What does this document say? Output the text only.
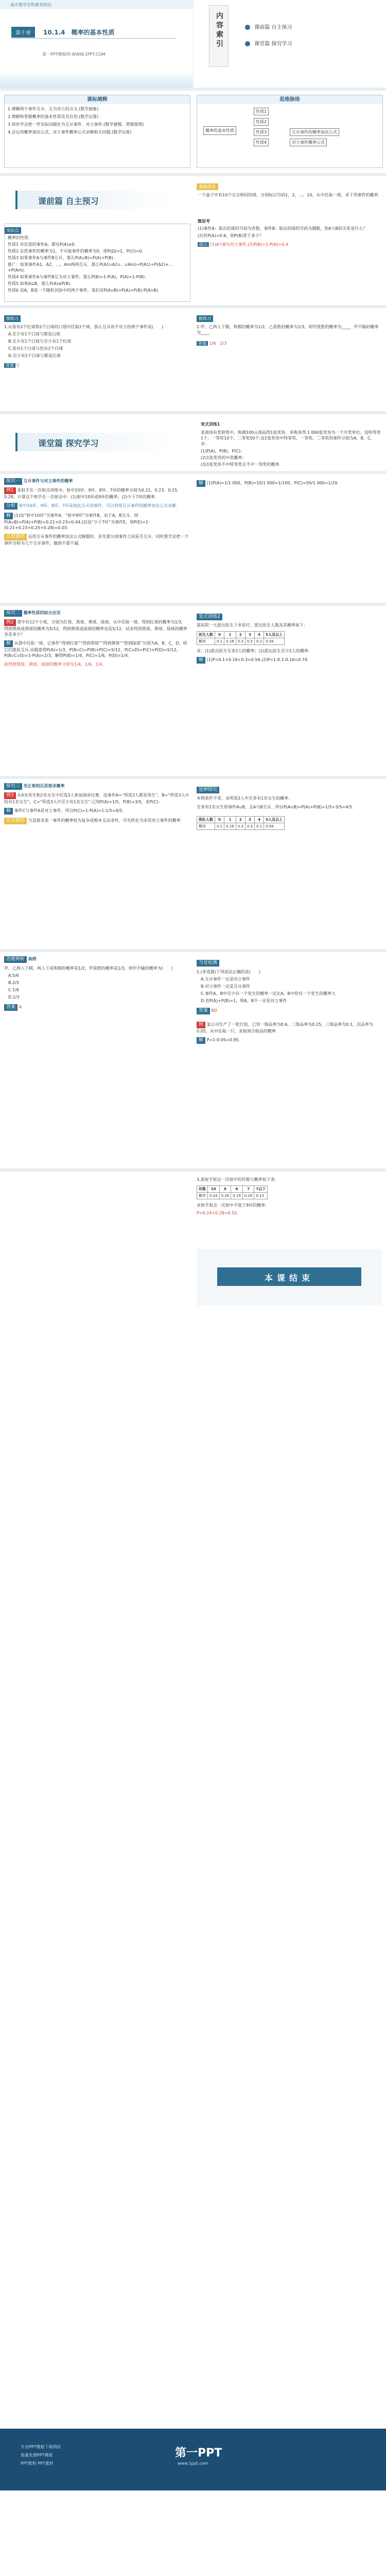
高中数学学科素养知识
第十章	10.1.4　概率的基本性质
第一PPT模板网-WWW.1PPT.COM
内容索引	课前篇 自主预习
课堂篇 探究学习
课标阐释
1.理解两个事件互斥、互为对立的含义.(数学抽象)
2.理解和掌握概率的基本性质及其应用.(数学运算)
3.初步学会把一些实际问题化为互斥事件、对立事件.(数学建模、逻辑推理)
4.会运用概率加法公式、对立事件概率公式求解相关问题.(数学运算)
思维脉络
概率的基本性质
性质1
性质2
性质3
性质4
互斥事件的概率加法公式
对立事件概率公式
课前篇 自主预习
知识点
概率的性质.
性质1 对任意的事件A，都有P(A)≥0.
性质2 必然事件的概率为1，不可能事件的概率为0，即P(Ω)=1，P(∅)=0.
性质3 如果事件A与事件B互斥，那么P(A∪B)=P(A)+P(B).
推广：如果事件A1，A2，…，Am两两互斥，那么P(A1∪A2∪…∪Am)=P(A1)+P(A2)+…+P(Am).
性质4 如果事件A与事件B互为对立事件，那么P(B)=1-P(A)，P(A)=1-P(B).
性质5 如果A⊆B，那么P(A)≤P(B).
性质6 设A，B是一个随机试验中的两个事件，我们有P(A∪B)=P(A)+P(B)-P(A∩B).
激趣诱思
一个盒子中有10个完全相同的球，分别标以号码1，2，…，10，从中任取一球，求下列事件的概率.
微思考
(1)事件A：取出的球的号码为奇数，事件B：取出的球的号码为偶数，则A与B的关系是什么？
(2)若P(A)=0.6，则P(B)等于多少？
提示 (1)A与B为对立事件.(2)P(B)=1-P(A)=0.4.
微练习
1.从装有2个红球和2个白球的口袋内任取2个球，那么互斥而不对立的两个事件是(　　)
A.至少有1个白球与都是白球
B.至少有1个白球与至少有1个红球
C.恰有1个白球与恰有2个白球
D.至少有1个白球与都是红球
答案 C
微练习
2.甲、乙两人下棋，和棋的概率为1/2，乙获胜的概率为1/3，则甲获胜的概率为____，甲不输的概率为____.
答案 1/6　2/3
课堂篇 探究学习
变式训练1
某商场有奖销售中，购满100元商品得1张奖券，多购多得.1 000张奖券为一个开奖单位，设特等奖1个，一等奖10个，二等奖50个.设1张奖券中特等奖、一等奖、二等奖的事件分别为A，B，C，求：
(1)P(A)，P(B)，P(C)；
(2)1张奖券的中奖概率；
(3)1张奖券不中特等奖且不中一等奖的概率.
探究一 互斥事件与对立事件的概率
例1 某射手在一次射击训练中，射中10环、9环、8环、7环的概率分别为0.21，0.23，0.25，0.28，计算这个射手在一次射击中：(1)射中10环或9环的概率；(2)少于7环的概率.
分析 射中10环、9环、8环、7环是彼此互斥的事件，可以利用互斥事件的概率加法公式求解.
解 (1)设“射中10环”为事件A，“射中9环”为事件B，由于A，B互斥，则P(A∪B)=P(A)+P(B)=0.21+0.23=0.44.(2)设“少于7环”为事件E，则P(E)=1-(0.21+0.23+0.25+0.28)=0.03.
反思感悟 运用互斥事件的概率加法公式解题时，首先要分清事件之间是否互斥，同时要学会把一个事件分拆为几个互斥事件，做到不重不漏.
解 (1)P(A)=1/1 000，P(B)=10/1 000=1/100，P(C)=50/1 000=1/20.
探究二 概率性质的综合应用
例2 袋中有12个小球，分别为红球、黑球、黄球、绿球，从中任取一球，得到红球的概率为1/3，得到黑球或黄球的概率为5/12，得到黄球或绿球的概率也是5/12，试求得到黑球、黄球、绿球的概率各是多少？
解 从袋中任取一球，记事件“得到红球”“得到黑球”“得到黄球”“得到绿球”分别为A，B，C，D，则它们彼此互斥.由题意得P(A)=1/3，P(B∪C)=P(B)+P(C)=5/12，P(C∪D)=P(C)+P(D)=5/12，P(B∪C∪D)=1-P(A)=2/3，解得P(B)=1/4，P(C)=1/6，P(D)=1/4.
故得到黑球、黄球、绿球的概率分别为1/4，1/6，1/4.
变式训练2
某医院一天派出医生下乡医疗，派出医生人数及其概率如下：
医生人数	0	1	2	3	4	5人及以上
概率	0.1	0.16	0.3	0.2	0.2	0.04
求：(1)派出医生至多2人的概率；(2)派出医生至少2人的概率.
解 (1)P=0.1+0.16+0.3=0.56.(2)P=1-0.1-0.16=0.74.
探究三 用正难则反思想求概率
例3 从4名男生和2名女生中任选3人参加演讲比赛，设事件A=“所选3人都是男生”，B=“所选3人中恰有1名女生”，C=“所选3人中至少有1名女生”.已知P(A)=1/5，P(B)=3/5，求P(C).
解 事件C与事件A是对立事件，所以P(C)=1-P(A)=1-1/5=4/5.
反思感悟 当直接求某一事件的概率较为复杂或根本无法求时，可先转化为求其对立事件的概率.
延伸探究
本例条件不变，求所选3人中至多有1名女生的概率.
至多有1名女生即事件A∪B，且A与B互斥，所以P(A∪B)=P(A)+P(B)=1/5+3/5=4/5.
排队人数	0	1	2	3	4	5人及以上
概率	0.1	0.16	0.3	0.3	0.1	0.04
思维辨析 典例
甲、乙两人下棋，两人下成和棋的概率是1/2，甲获胜的概率是1/3，则甲不输的概率为(　　)
A.5/6
B.2/5
C.1/6
D.1/3
答案 A
当堂检测
1.(多选题)下列说法正确的是(　　)
A.互斥事件一定是对立事件
B.对立事件一定是互斥事件
C.事件A，B中至少有一个发生的概率一定比A，B中恰有一个发生的概率大
D.若P(A)+P(B)=1，则A，B不一定是对立事件
答案 BD
例 某公司生产了一批灯泡，已知一级品率为0.6，二级品率为0.25，三级品率为0.1，次品率为0.05，从中任取一只，求取到合格品的概率.
解 P=1-0.05=0.95.
3.某射手射击一次射中的环数与概率如下表：
环数	10	9	8	7	7以下
概率	0.24	0.28	0.19	0.16	0.13
求射手射击一次射中不低于9环的概率.
P=0.24+0.28=0.52.
本课结束
第一PPT
www.1ppt.com
专业PPT模板下载网站
海量免费PPT模板
PPT教程 PPT素材
